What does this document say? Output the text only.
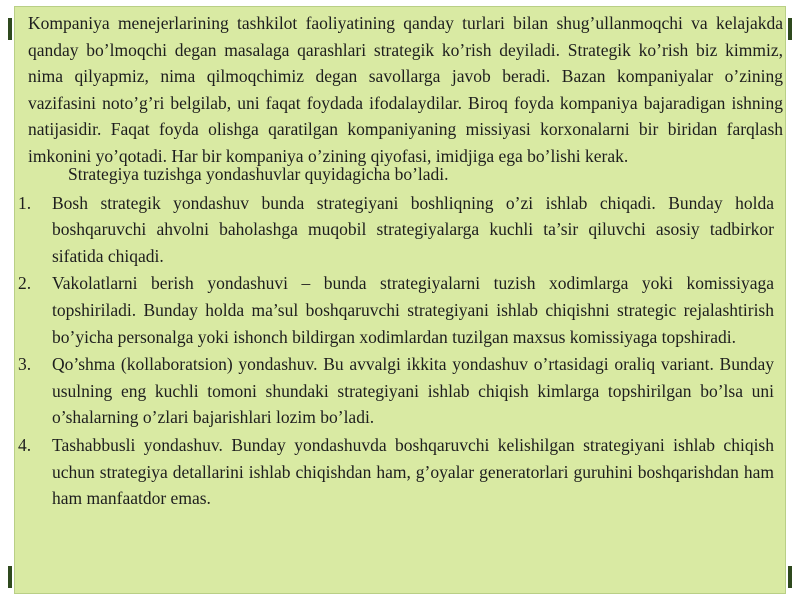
Kompaniya menejerlarining tashkilot faoliyatining qanday turlari bilan shug’ullanmoqchi va kelajakda qanday bo’lmoqchi degan masalaga qarashlari strategik ko’rish deyiladi. Strategik ko’rish biz kimmiz, nima qilyapmiz, nima qilmoqchimiz degan savollarga javob beradi. Bazan kompaniyalar o’zining vazifasini noto’g’ri belgilab, uni faqat foydada ifodalaydilar. Biroq foyda kompaniya bajaradigan ishning natijasidir. Faqat foyda olishga qaratilgan kompaniyaning missiyasi korxonalarni bir biridan farqlash imkonini yo’qotadi. Har bir kompaniya o’zining qiyofasi, imidjiga ega bo’lishi kerak.

Strategiya tuzishga yondashuvlar quyidagicha bo’ladi.
1.	Bosh strategik yondashuv bunda strategiyani boshliqning o’zi ishlab chiqadi. Bunday holda boshqaruvchi ahvolni baholashga muqobil strategiyalarga kuchli ta’sir qiluvchi asosiy tadbirkor sifatida chiqadi.
2.	Vakolatlarni berish yondashuvi – bunda strategiyalarni tuzish xodimlarga yoki komissiyaga topshiriladi. Bunday holda ma’sul boshqaruvchi strategiyani ishlab chiqishni strategic rejalashtirish bo’yicha personalga yoki ishonch bildirgan xodimlardan tuzilgan maxsus komissiyaga topshiradi.
3.	Qo’shma (kollaboratsion) yondashuv. Bu avvalgi ikkita yondashuv o’rtasidagi oraliq variant. Bunday usulning eng kuchli tomoni shundaki strategiyani ishlab chiqish kimlarga topshirilgan bo’lsa uni o’shalarning o’zlari bajarishlari lozim bo’ladi.
4.	Tashabbusli yondashuv. Bunday yondashuvda boshqaruvchi kelishilgan strategiyani ishlab chiqish uchun strategiya detallarini ishlab chiqishdan ham, g’oyalar generatorlari guruhini boshqarishdan ham ham manfaatdor emas.
